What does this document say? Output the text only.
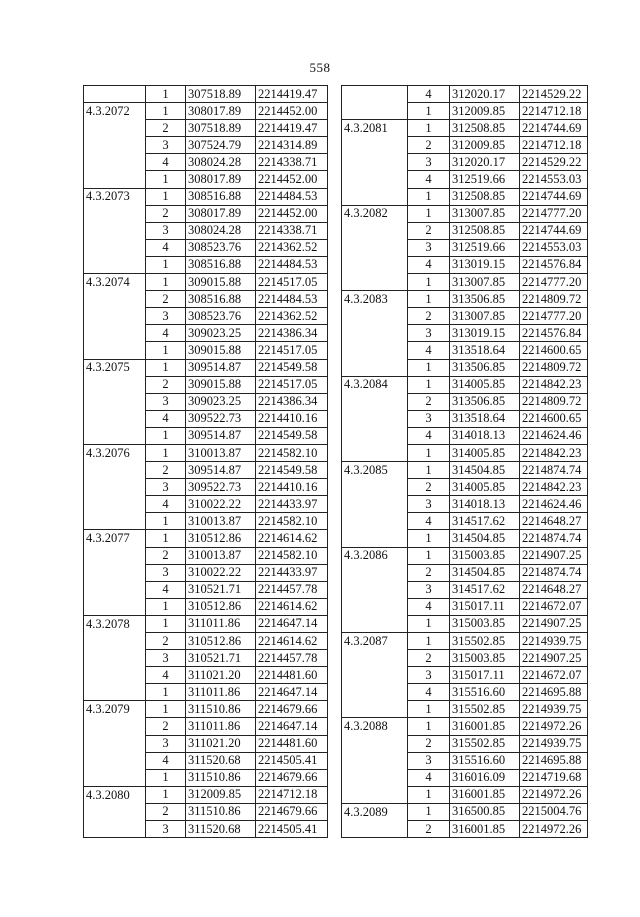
558
	1	307518.89	2214419.47
4.3.2072	1	308017.89	2214452.00
	2	307518.89	2214419.47
	3	307524.79	2214314.89
	4	308024.28	2214338.71
	1	308017.89	2214452.00
4.3.2073	1	308516.88	2214484.53
	2	308017.89	2214452.00
	3	308024.28	2214338.71
	4	308523.76	2214362.52
	1	308516.88	2214484.53
4.3.2074	1	309015.88	2214517.05
	2	308516.88	2214484.53
	3	308523.76	2214362.52
	4	309023.25	2214386.34
	1	309015.88	2214517.05
4.3.2075	1	309514.87	2214549.58
	2	309015.88	2214517.05
	3	309023.25	2214386.34
	4	309522.73	2214410.16
	1	309514.87	2214549.58
4.3.2076	1	310013.87	2214582.10
	2	309514.87	2214549.58
	3	309522.73	2214410.16
	4	310022.22	2214433.97
	1	310013.87	2214582.10
4.3.2077	1	310512.86	2214614.62
	2	310013.87	2214582.10
	3	310022.22	2214433.97
	4	310521.71	2214457.78
	1	310512.86	2214614.62
4.3.2078	1	311011.86	2214647.14
	2	310512.86	2214614.62
	3	310521.71	2214457.78
	4	311021.20	2214481.60
	1	311011.86	2214647.14
4.3.2079	1	311510.86	2214679.66
	2	311011.86	2214647.14
	3	311021.20	2214481.60
	4	311520.68	2214505.41
	1	311510.86	2214679.66
4.3.2080	1	312009.85	2214712.18
	2	311510.86	2214679.66
	3	311520.68	2214505.41
	4	312020.17	2214529.22
	1	312009.85	2214712.18
4.3.2081	1	312508.85	2214744.69
	2	312009.85	2214712.18
	3	312020.17	2214529.22
	4	312519.66	2214553.03
	1	312508.85	2214744.69
4.3.2082	1	313007.85	2214777.20
	2	312508.85	2214744.69
	3	312519.66	2214553.03
	4	313019.15	2214576.84
	1	313007.85	2214777.20
4.3.2083	1	313506.85	2214809.72
	2	313007.85	2214777.20
	3	313019.15	2214576.84
	4	313518.64	2214600.65
	1	313506.85	2214809.72
4.3.2084	1	314005.85	2214842.23
	2	313506.85	2214809.72
	3	313518.64	2214600.65
	4	314018.13	2214624.46
	1	314005.85	2214842.23
4.3.2085	1	314504.85	2214874.74
	2	314005.85	2214842.23
	3	314018.13	2214624.46
	4	314517.62	2214648.27
	1	314504.85	2214874.74
4.3.2086	1	315003.85	2214907.25
	2	314504.85	2214874.74
	3	314517.62	2214648.27
	4	315017.11	2214672.07
	1	315003.85	2214907.25
4.3.2087	1	315502.85	2214939.75
	2	315003.85	2214907.25
	3	315017.11	2214672.07
	4	315516.60	2214695.88
	1	315502.85	2214939.75
4.3.2088	1	316001.85	2214972.26
	2	315502.85	2214939.75
	3	315516.60	2214695.88
	4	316016.09	2214719.68
	1	316001.85	2214972.26
4.3.2089	1	316500.85	2215004.76
	2	316001.85	2214972.26
